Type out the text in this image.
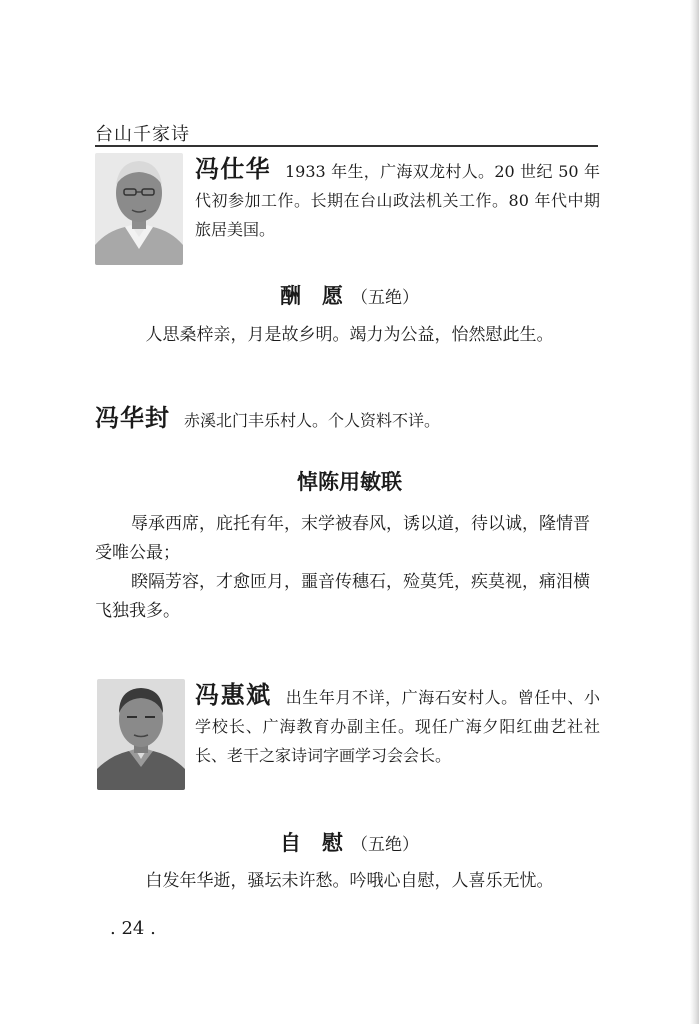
台山千家诗
冯仕华 1933 年生，广海双龙村人。20 世纪 50 年代初参加工作。长期在台山政法机关工作。80 年代中期旅居美国。
酬　愿 （五绝）
人思桑梓亲，月是故乡明。竭力为公益，怡然慰此生。
冯华封 赤溪北门丰乐村人。个人资料不详。
悼陈用敏联

辱承西席，庇托有年，末学被春风，诱以道，待以诚，隆情晋受唯公最；

睽隔芳容，才愈匝月，噩音传穗石，殓莫凭，疾莫视，痛泪横飞独我多。

冯惠斌 出生年月不详，广海石安村人。曾任中、小学校长、广海教育办副主任。现任广海夕阳红曲艺社社长、老干之家诗词字画学习会会长。
自　慰 （五绝）
白发年华逝，骚坛未许愁。吟哦心自慰，人喜乐无忧。
. 24 .
